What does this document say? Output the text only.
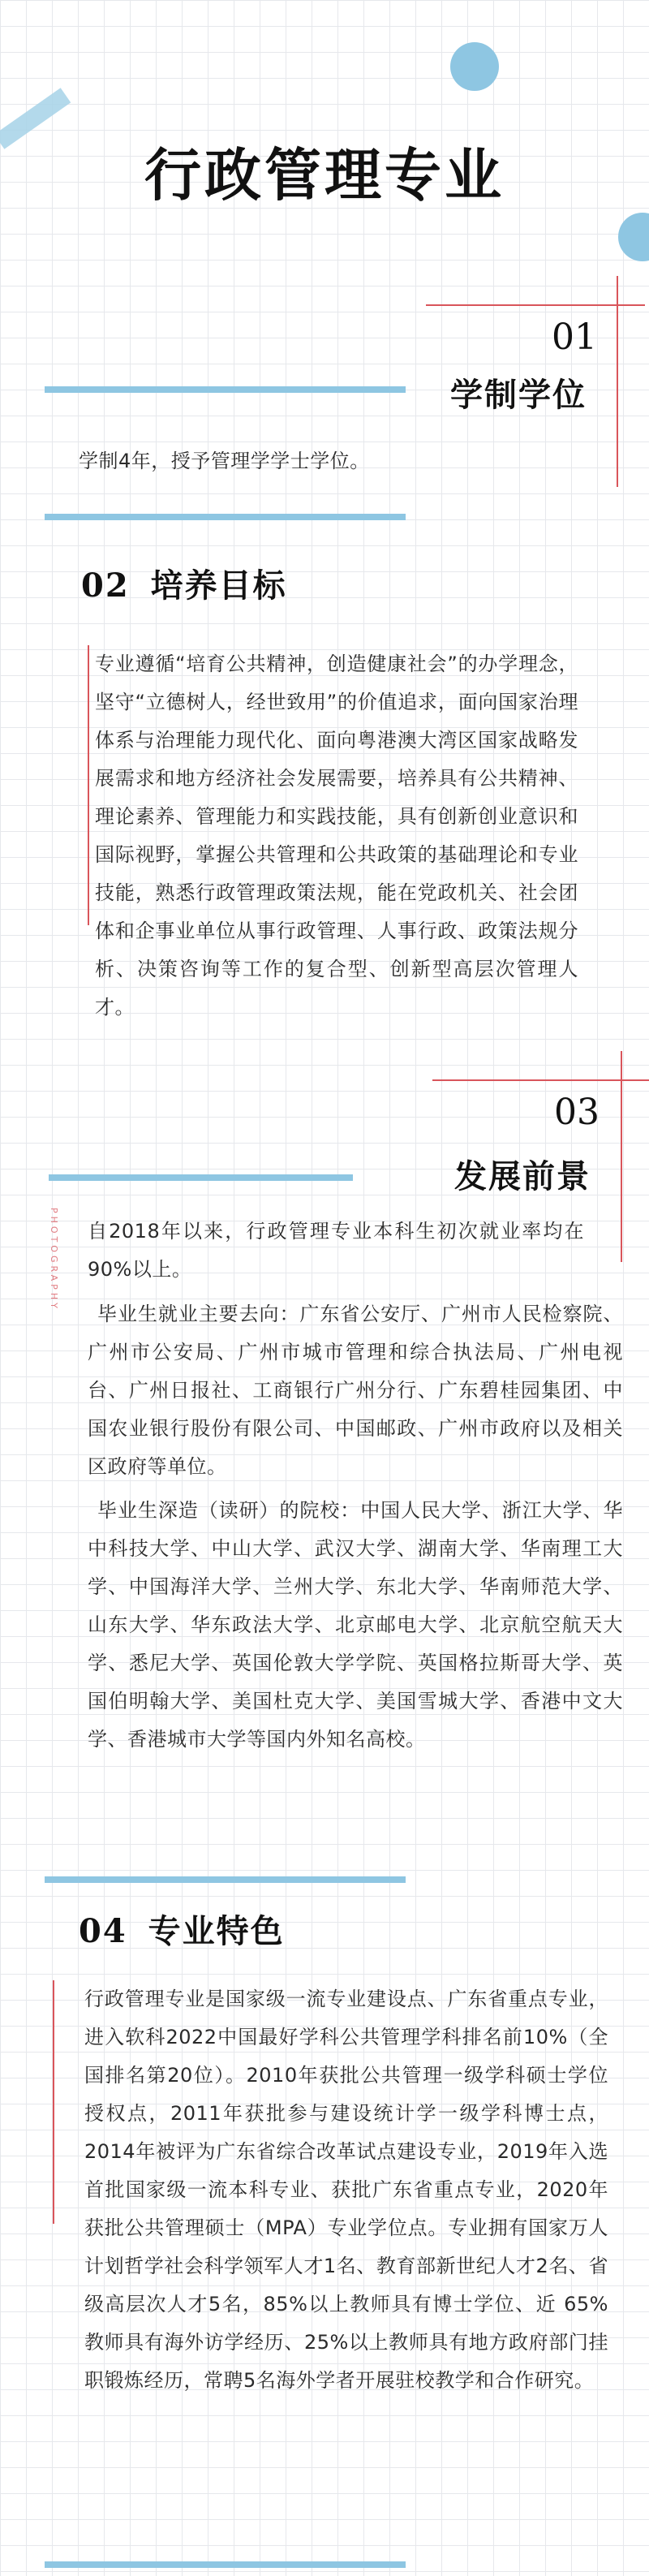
行政管理专业
01
学制学位
学制4年，授予管理学学士学位。
02 培养目标
专业遵循“培育公共精神，创造健康社会”的办学理念，坚守“立德树人，经世致用”的价值追求，面向国家治理体系与治理能力现代化、面向粤港澳大湾区国家战略发展需求和地方经济社会发展需要，培养具有公共精神、理论素养、管理能力和实践技能，具有创新创业意识和国际视野，掌握公共管理和公共政策的基础理论和专业技能，熟悉行政管理政策法规，能在党政机关、社会团体和企事业单位从事行政管理、人事行政、政策法规分析、决策咨询等工作的复合型、创新型高层次管理人才。
03
发展前景
PHOTOGRAPHY 自2018年以来，行政管理专业本科生初次就业率均在90%以上。
毕业生就业主要去向：广东省公安厅、广州市人民检察院、广州市公安局、广州市城市管理和综合执法局、广州电视台、广州日报社、工商银行广州分行、广东碧桂园集团、中国农业银行股份有限公司、中国邮政、广州市政府以及相关区政府等单位。
毕业生深造（读研）的院校：中国人民大学、浙江大学、华中科技大学、中山大学、武汉大学、湖南大学、华南理工大学、中国海洋大学、兰州大学、东北大学、华南师范大学、山东大学、华东政法大学、北京邮电大学、北京航空航天大学、悉尼大学、英国伦敦大学学院、英国格拉斯哥大学、英国伯明翰大学、美国杜克大学、美国雪城大学、香港中文大学、香港城市大学等国内外知名高校。
04 专业特色
行政管理专业是国家级一流专业建设点、广东省重点专业，进入软科2022中国最好学科公共管理学科排名前10%（全国排名第20位）。2010年获批公共管理一级学科硕士学位授权点，2011年获批参与建设统计学一级学科博士点，2014年被评为广东省综合改革试点建设专业，2019年入选首批国家级一流本科专业、获批广东省重点专业，2020年获批公共管理硕士（MPA）专业学位点。专业拥有国家万人计划哲学社会科学领军人才1名、教育部新世纪人才2名、省级高层次人才5名，85%以上教师具有博士学位、近 65%教师具有海外访学经历、25%以上教师具有地方政府部门挂职锻炼经历，常聘5名海外学者开展驻校教学和合作研究。
